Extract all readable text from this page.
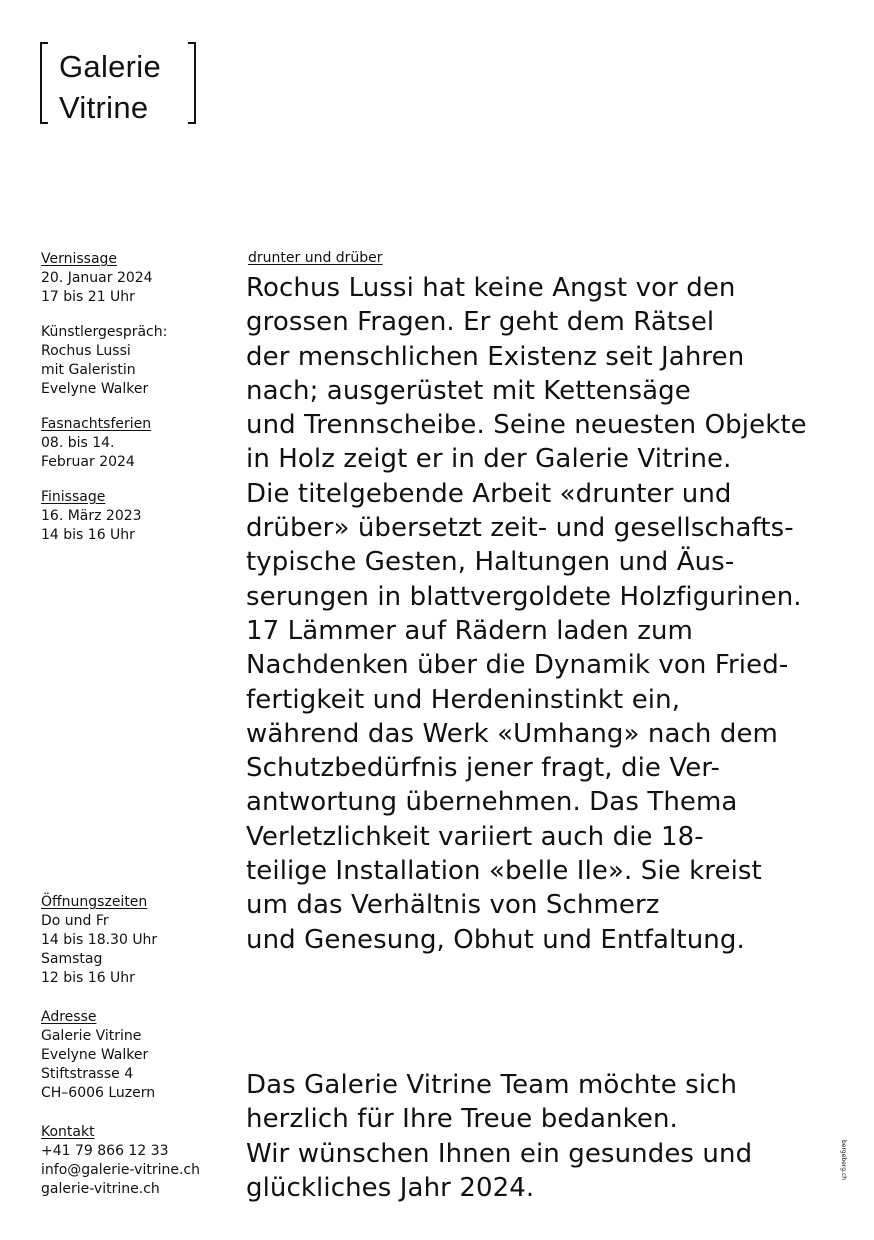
Galerie
Vitrine
Vernissage
20. Januar 2024
17 bis 21 Uhr
Künstlergespräch:
Rochus Lussi
mit Galeristin
Evelyne Walker
Fasnachtsferien
08. bis 14.
Februar 2024
Finissage
16. März 2023
14 bis 16 Uhr
Öffnungszeiten
Do und Fr
14 bis 18.30 Uhr
Samstag
12 bis 16 Uhr
Adresse
Galerie Vitrine
Evelyne Walker
Stiftstrasse 4
CH–6006 Luzern
Kontakt
+41 79 866 12 33
info@galerie-vitrine.ch
galerie-vitrine.ch
drunter und drüber
Rochus Lussi hat keine Angst vor den
grossen Fragen. Er geht dem Rätsel
der menschlichen Existenz seit Jahren
nach; ausgerüstet mit Kettensäge
und Trennscheibe. Seine neuesten Objekte
in Holz zeigt er in der Galerie Vitrine.
Die titelgebende Arbeit «drunter und
drüber» übersetzt zeit- und gesellschafts-
typische Gesten, Haltungen und Äus-
serungen in blattvergoldete Holzfigurinen.
17 Lämmer auf Rädern laden zum
Nachdenken über die Dynamik von Fried-
fertigkeit und Herdeninstinkt ein,
während das Werk «Umhang» nach dem
Schutzbedürfnis jener fragt, die Ver-
antwortung übernehmen. Das Thema
Verletzlichkeit variiert auch die 18-
teilige Installation «belle Ile». Sie kreist
um das Verhältnis von Schmerz
und Genesung, Obhut und Entfaltung.
Das Galerie Vitrine Team möchte sich
herzlich für Ihre Treue bedanken.
Wir wünschen Ihnen ein gesundes und
glückliches Jahr 2024.
bergeberg.ch
